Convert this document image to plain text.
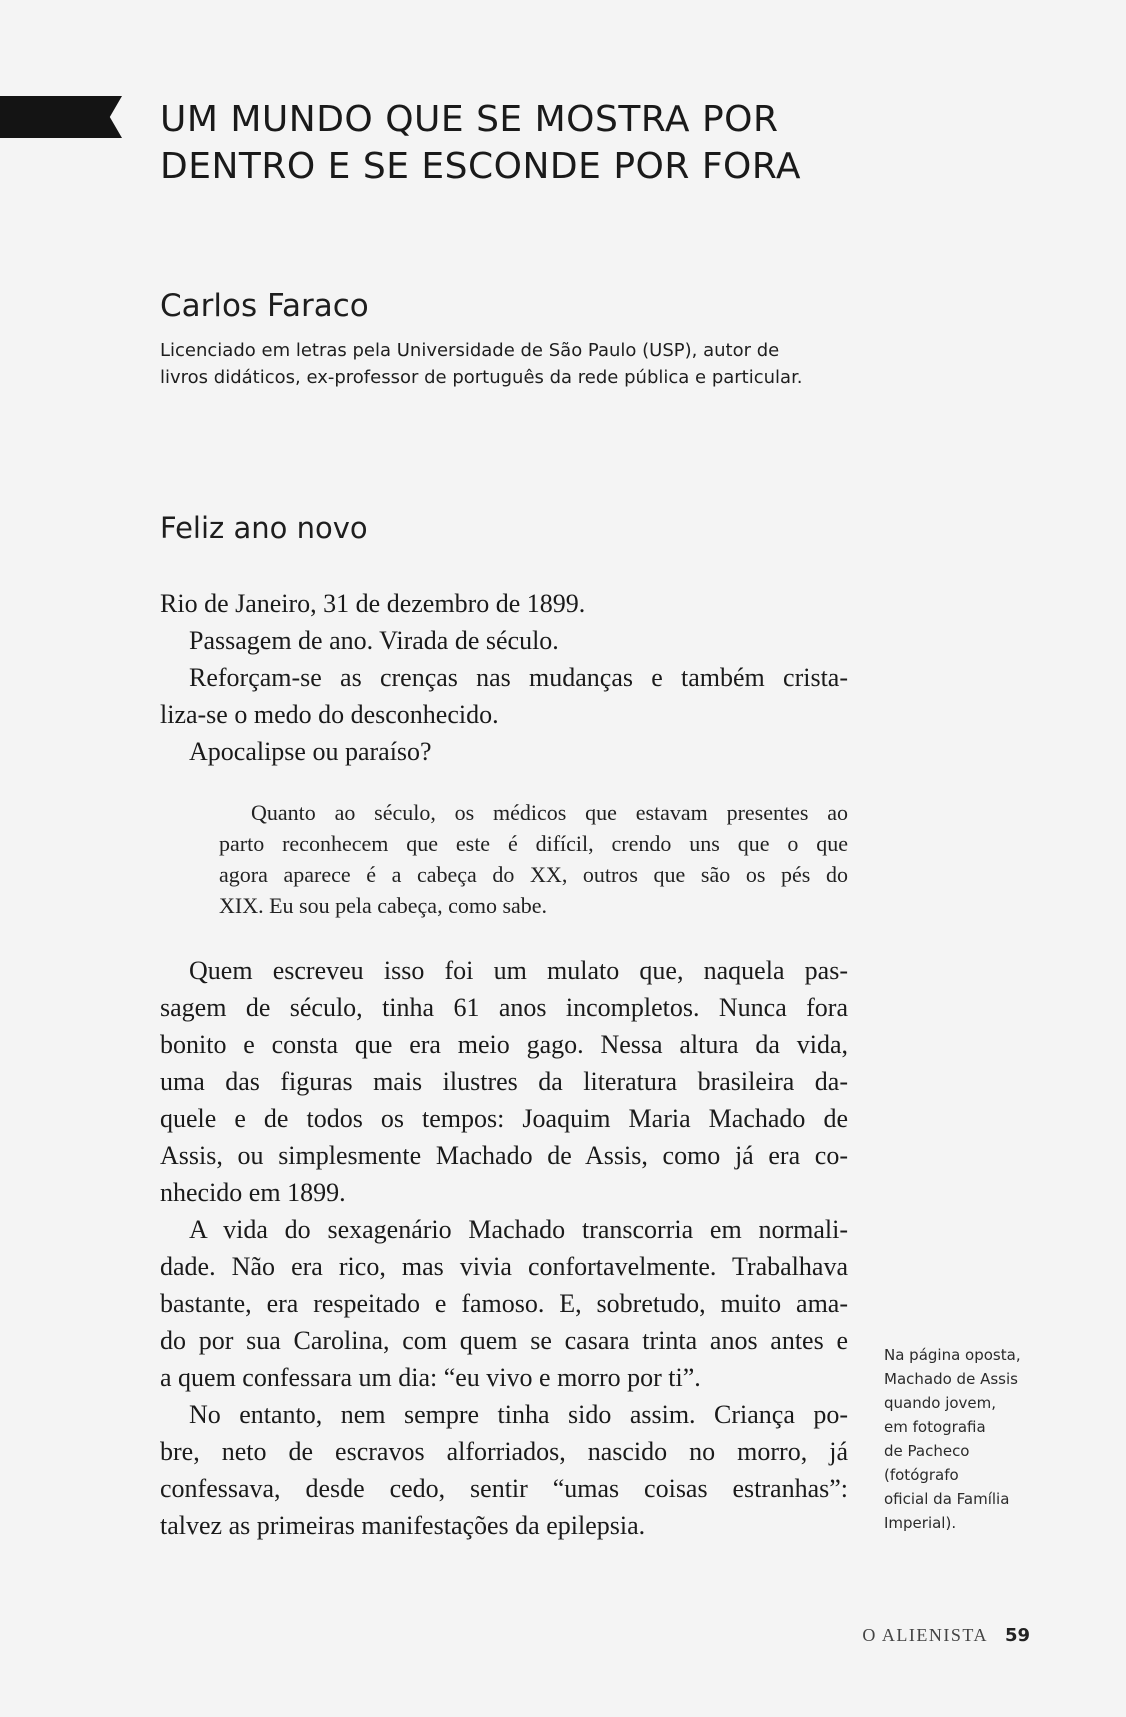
UM MUNDO QUE SE MOSTRA POR
DENTRO E SE ESCONDE POR FORA
Carlos Faraco

Licenciado em letras pela Universidade de São Paulo (USP), autor de
livros didáticos, ex-professor de português da rede pública e particular.

Feliz ano novo
Rio de Janeiro, 31 de dezembro de 1899.
Passagem de ano. Virada de século.
Reforçam-se as crenças nas mudanças e também crista-
liza-se o medo do desconhecido.
Apocalipse ou paraíso?
Quanto ao século, os médicos que estavam presentes ao
parto reconhecem que este é difícil, crendo uns que o que
agora aparece é a cabeça do XX, outros que são os pés do
XIX. Eu sou pela cabeça, como sabe.
Quem escreveu isso foi um mulato que, naquela pas-
sagem de século, tinha 61 anos incompletos. Nunca fora
bonito e consta que era meio gago. Nessa altura da vida,
uma das figuras mais ilustres da literatura brasileira da-
quele e de todos os tempos: Joaquim Maria Machado de
Assis, ou simplesmente Machado de Assis, como já era co-
nhecido em 1899.
A vida do sexagenário Machado transcorria em normali-
dade. Não era rico, mas vivia confortavelmente. Trabalhava
bastante, era respeitado e famoso. E, sobretudo, muito ama-
do por sua Carolina, com quem se casara trinta anos antes e
a quem confessara um dia: “eu vivo e morro por ti”.
No entanto, nem sempre tinha sido assim. Criança po-
bre, neto de escravos alforriados, nascido no morro, já
confessava, desde cedo, sentir “umas coisas estranhas”:
talvez as primeiras manifestações da epilepsia.
Na página oposta,
Machado de Assis
quando jovem,
em fotografia
de Pacheco
(fotógrafo
oficial da Família
Imperial).
O ALIENISTA 59
